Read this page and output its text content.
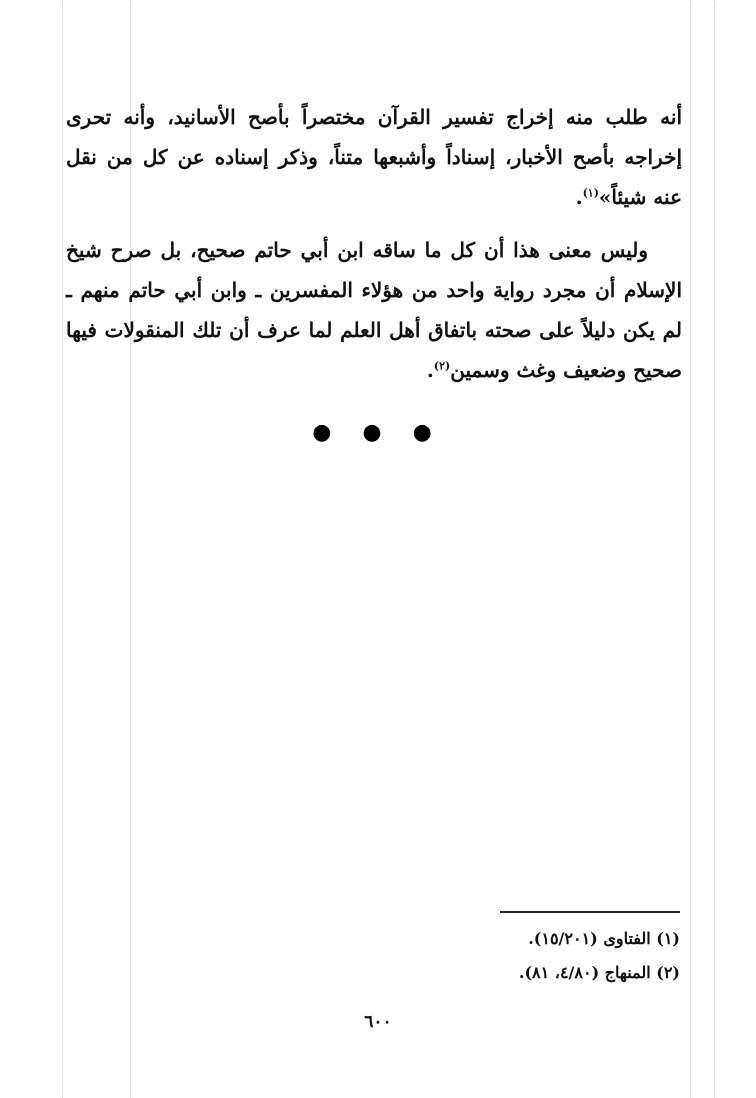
أنه طلب منه إخراج تفسير القرآن مختصراً بأصح الأسانيد، وأنه تحرى إخراجه بأصح الأخبار، إسناداً وأشبعها متناً، وذكر إسناده عن كل من نقل عنه شيئاً»$^{(١)}$.

وليس معنى هذا أن كل ما ساقه ابن أبي حاتم صحيح، بل صرح شيخ الإسلام أن مجرد رواية واحد من هؤلاء المفسرين ـ وابن أبي حاتم منهم ـ لم يكن دليلاً على صحته باتفاق أهل العلم لما عرف أن تلك المنقولات فيها صحيح وضعيف وغث وسمين$^{(٢)}$.

● ● ●
(١) الفتاوى (١٥/٢٠١).
(٢) المنهاج (٤/٨٠، ٨١).
٦٠٠
